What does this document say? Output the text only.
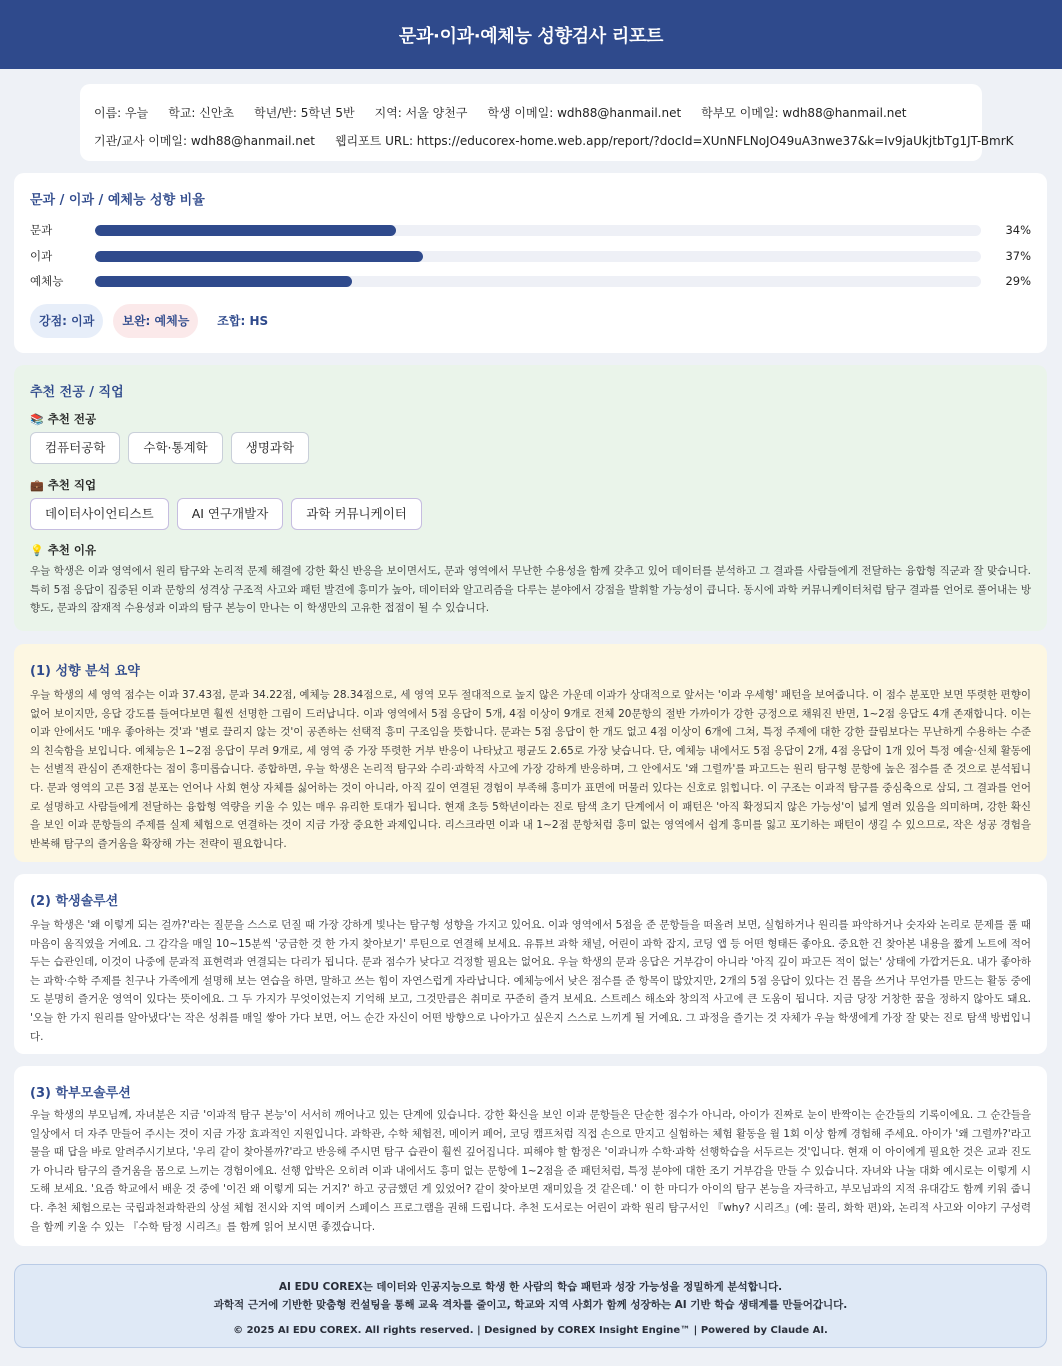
문과·이과·예체능 성향검사 리포트
이름: 우늘 학교: 신안초 학년/반: 5학년 5반 지역: 서울 양천구 학생 이메일: wdh88@hanmail.net 학부모 이메일: wdh88@hanmail.net
기관/교사 이메일: wdh88@hanmail.net 웹리포트 URL: https://educorex-home.web.app/report/?docId=XUnNFLNoJO49uA3nwe37&k=Iv9jaUkjtbTg1JT-BmrK
문과 / 이과 / 예체능 성향 비율
문과	34%
이과	37%
예체능	29%
강점: 이과	보완: 예체능	조합: HS
추천 전공 / 직업
📚 추천 전공
컴퓨터공학	수학·통계학	생명과학
💼 추천 직업
데이터사이언티스트	AI 연구개발자	과학 커뮤니케이터
💡 추천 이유
우늘 학생은 이과 영역에서 원리 탐구와 논리적 문제 해결에 강한 확신 반응을 보이면서도, 문과 영역에서 무난한 수용성을 함께 갖추고 있어 데이터를 분석하고 그 결과를 사람들에게 전달하는 융합형 직군과 잘 맞습니다. 특히 5점 응답이 집중된 이과 문항의 성격상 구조적 사고와 패턴 발견에 흥미가 높아, 데이터와 알고리즘을 다루는 분야에서 강점을 발휘할 가능성이 큽니다. 동시에 과학 커뮤니케이터처럼 탐구 결과를 언어로 풀어내는 방향도, 문과의 잠재적 수용성과 이과의 탐구 본능이 만나는 이 학생만의 고유한 접점이 될 수 있습니다.
(1) 성향 분석 요약
우늘 학생의 세 영역 점수는 이과 37.43점, 문과 34.22점, 예체능 28.34점으로, 세 영역 모두 절대적으로 높지 않은 가운데 이과가 상대적으로 앞서는 '이과 우세형' 패턴을 보여줍니다. 이 점수 분포만 보면 뚜렷한 편향이 없어 보이지만, 응답 강도를 들여다보면 훨씬 선명한 그림이 드러납니다. 이과 영역에서 5점 응답이 5개, 4점 이상이 9개로 전체 20문항의 절반 가까이가 강한 긍정으로 채워진 반면, 1~2점 응답도 4개 존재합니다. 이는 이과 안에서도 '매우 좋아하는 것'과 '별로 끌리지 않는 것'이 공존하는 선택적 흥미 구조임을 뜻합니다. 문과는 5점 응답이 한 개도 없고 4점 이상이 6개에 그쳐, 특정 주제에 대한 강한 끌림보다는 무난하게 수용하는 수준의 친숙함을 보입니다. 예체능은 1~2점 응답이 무려 9개로, 세 영역 중 가장 뚜렷한 거부 반응이 나타났고 평균도 2.65로 가장 낮습니다. 단, 예체능 내에서도 5점 응답이 2개, 4점 응답이 1개 있어 특정 예술·신체 활동에는 선별적 관심이 존재한다는 점이 흥미롭습니다. 종합하면, 우늘 학생은 논리적 탐구와 수리·과학적 사고에 가장 강하게 반응하며, 그 안에서도 '왜 그럴까'를 파고드는 원리 탐구형 문항에 높은 점수를 준 것으로 분석됩니다. 문과 영역의 고른 3점 분포는 언어나 사회 현상 자체를 싫어하는 것이 아니라, 아직 깊이 연결된 경험이 부족해 흥미가 표면에 머물러 있다는 신호로 읽힙니다. 이 구조는 이과적 탐구를 중심축으로 삼되, 그 결과를 언어로 설명하고 사람들에게 전달하는 융합형 역량을 키울 수 있는 매우 유리한 토대가 됩니다. 현재 초등 5학년이라는 진로 탐색 초기 단계에서 이 패턴은 '아직 확정되지 않은 가능성'이 넓게 열려 있음을 의미하며, 강한 확신을 보인 이과 문항들의 주제를 실제 체험으로 연결하는 것이 지금 가장 중요한 과제입니다. 리스크라면 이과 내 1~2점 문항처럼 흥미 없는 영역에서 쉽게 흥미를 잃고 포기하는 패턴이 생길 수 있으므로, 작은 성공 경험을 반복해 탐구의 즐거움을 확장해 가는 전략이 필요합니다.
(2) 학생솔루션
우늘 학생은 '왜 이렇게 되는 걸까?'라는 질문을 스스로 던질 때 가장 강하게 빛나는 탐구형 성향을 가지고 있어요. 이과 영역에서 5점을 준 문항들을 떠올려 보면, 실험하거나 원리를 파악하거나 숫자와 논리로 문제를 풀 때 마음이 움직였을 거예요. 그 감각을 매일 10~15분씩 '궁금한 것 한 가지 찾아보기' 루틴으로 연결해 보세요. 유튜브 과학 채널, 어린이 과학 잡지, 코딩 앱 등 어떤 형태든 좋아요. 중요한 건 찾아본 내용을 짧게 노트에 적어 두는 습관인데, 이것이 나중에 문과적 표현력과 연결되는 다리가 됩니다. 문과 점수가 낮다고 걱정할 필요는 없어요. 우늘 학생의 문과 응답은 거부감이 아니라 '아직 깊이 파고든 적이 없는' 상태에 가깝거든요. 내가 좋아하는 과학·수학 주제를 친구나 가족에게 설명해 보는 연습을 하면, 말하고 쓰는 힘이 자연스럽게 자라납니다. 예체능에서 낮은 점수를 준 항목이 많았지만, 2개의 5점 응답이 있다는 건 몸을 쓰거나 무언가를 만드는 활동 중에도 분명히 즐거운 영역이 있다는 뜻이에요. 그 두 가지가 무엇이었는지 기억해 보고, 그것만큼은 취미로 꾸준히 즐겨 보세요. 스트레스 해소와 창의적 사고에 큰 도움이 됩니다. 지금 당장 거창한 꿈을 정하지 않아도 돼요. '오늘 한 가지 원리를 알아냈다'는 작은 성취를 매일 쌓아 가다 보면, 어느 순간 자신이 어떤 방향으로 나아가고 싶은지 스스로 느끼게 될 거예요. 그 과정을 즐기는 것 자체가 우늘 학생에게 가장 잘 맞는 진로 탐색 방법입니다.
(3) 학부모솔루션
우늘 학생의 부모님께, 자녀분은 지금 '이과적 탐구 본능'이 서서히 깨어나고 있는 단계에 있습니다. 강한 확신을 보인 이과 문항들은 단순한 점수가 아니라, 아이가 진짜로 눈이 반짝이는 순간들의 기록이에요. 그 순간들을 일상에서 더 자주 만들어 주시는 것이 지금 가장 효과적인 지원입니다. 과학관, 수학 체험전, 메이커 페어, 코딩 캠프처럼 직접 손으로 만지고 실험하는 체험 활동을 월 1회 이상 함께 경험해 주세요. 아이가 '왜 그럴까?'라고 물을 때 답을 바로 알려주시기보다, '우리 같이 찾아볼까?'라고 반응해 주시면 탐구 습관이 훨씬 깊어집니다. 피해야 할 함정은 '이과니까 수학·과학 선행학습을 서두르는 것'입니다. 현재 이 아이에게 필요한 것은 교과 진도가 아니라 탐구의 즐거움을 몸으로 느끼는 경험이에요. 선행 압박은 오히려 이과 내에서도 흥미 없는 문항에 1~2점을 준 패턴처럼, 특정 분야에 대한 조기 거부감을 만들 수 있습니다. 자녀와 나눌 대화 예시로는 이렇게 시도해 보세요. '요즘 학교에서 배운 것 중에 '이건 왜 이렇게 되는 거지?' 하고 궁금했던 게 있었어? 같이 찾아보면 재미있을 것 같은데.' 이 한 마디가 아이의 탐구 본능을 자극하고, 부모님과의 지적 유대감도 함께 키워 줍니다. 추천 체험으로는 국립과천과학관의 상설 체험 전시와 지역 메이커 스페이스 프로그램을 권해 드립니다. 추천 도서로는 어린이 과학 원리 탐구서인 『why? 시리즈』(예: 물리, 화학 편)와, 논리적 사고와 이야기 구성력을 함께 키울 수 있는 『수학 탐정 시리즈』를 함께 읽어 보시면 좋겠습니다.
AI EDU COREX는 데이터와 인공지능으로 학생 한 사람의 학습 패턴과 성장 가능성을 정밀하게 분석합니다.
과학적 근거에 기반한 맞춤형 컨설팅을 통해 교육 격차를 줄이고, 학교와 지역 사회가 함께 성장하는 AI 기반 학습 생태계를 만들어갑니다.
© 2025 AI EDU COREX. All rights reserved. | Designed by COREX Insight Engine™ | Powered by Claude AI.
